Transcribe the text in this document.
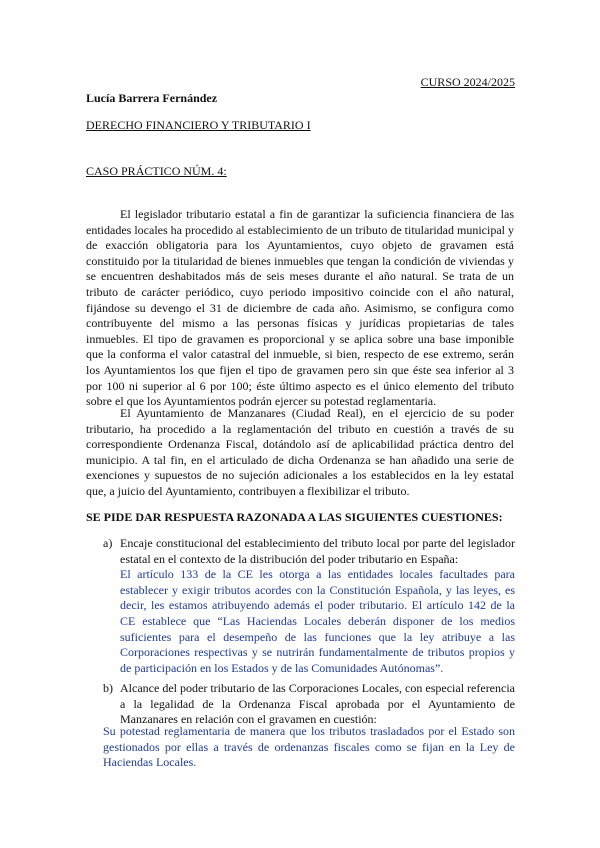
CURSO 2024/2025
Lucía Barrera Fernández
DERECHO FINANCIERO Y TRIBUTARIO I
CASO PRÁCTICO NÚM. 4:

El legislador tributario estatal a fin de garantizar la suficiencia financiera de las entidades locales ha procedido al establecimiento de un tributo de titularidad municipal y de exacción obligatoria para los Ayuntamientos, cuyo objeto de gravamen está constituido por la titularidad de bienes inmuebles que tengan la condición de viviendas y se encuentren deshabitados más de seis meses durante el año natural. Se trata de un tributo de carácter periódico, cuyo periodo impositivo coincide con el año natural, fijándose su devengo el 31 de diciembre de cada año. Asimismo, se configura como contribuyente del mismo a las personas físicas y jurídicas propietarias de tales inmuebles. El tipo de gravamen es proporcional y se aplica sobre una base imponible que la conforma el valor catastral del inmueble, si bien, respecto de ese extremo, serán los Ayuntamientos los que fijen el tipo de gravamen pero sin que éste sea inferior al 3 por 100 ni superior al 6 por 100; éste último aspecto es el único elemento del tributo sobre el que los Ayuntamientos podrán ejercer su potestad reglamentaria.

El Ayuntamiento de Manzanares (Ciudad Real), en el ejercicio de su poder tributario, ha procedido a la reglamentación del tributo en cuestión a través de su correspondiente Ordenanza Fiscal, dotándolo así de aplicabilidad práctica dentro del municipio. A tal fin, en el articulado de dicha Ordenanza se han añadido una serie de exenciones y supuestos de no sujeción adicionales a los establecidos en la ley estatal que, a juicio del Ayuntamiento, contribuyen a flexibilizar el tributo.

SE PIDE DAR RESPUESTA RAZONADA A LAS SIGUIENTES CUESTIONES:
a) Encaje constitucional del establecimiento del tributo local por parte del legislador estatal en el contexto de la distribución del poder tributario en España:
El artículo 133 de la CE les otorga a las entidades locales facultades para establecer y exigir tributos acordes con la Constitución Española, y las leyes, es decir, les estamos atribuyendo además el poder tributario. El artículo 142 de la CE establece que “Las Haciendas Locales deberán disponer de los medios suficientes para el desempeño de las funciones que la ley atribuye a las Corporaciones respectivas y se nutrirán fundamentalmente de tributos propios y de participación en los Estados y de las Comunidades Autónomas”.
b) Alcance del poder tributario de las Corporaciones Locales, con especial referencia a la legalidad de la Ordenanza Fiscal aprobada por el Ayuntamiento de Manzanares en relación con el gravamen en cuestión:
Su potestad reglamentaria de manera que los tributos trasladados por el Estado son gestionados por ellas a través de ordenanzas fiscales como se fijan en la Ley de Haciendas Locales.
